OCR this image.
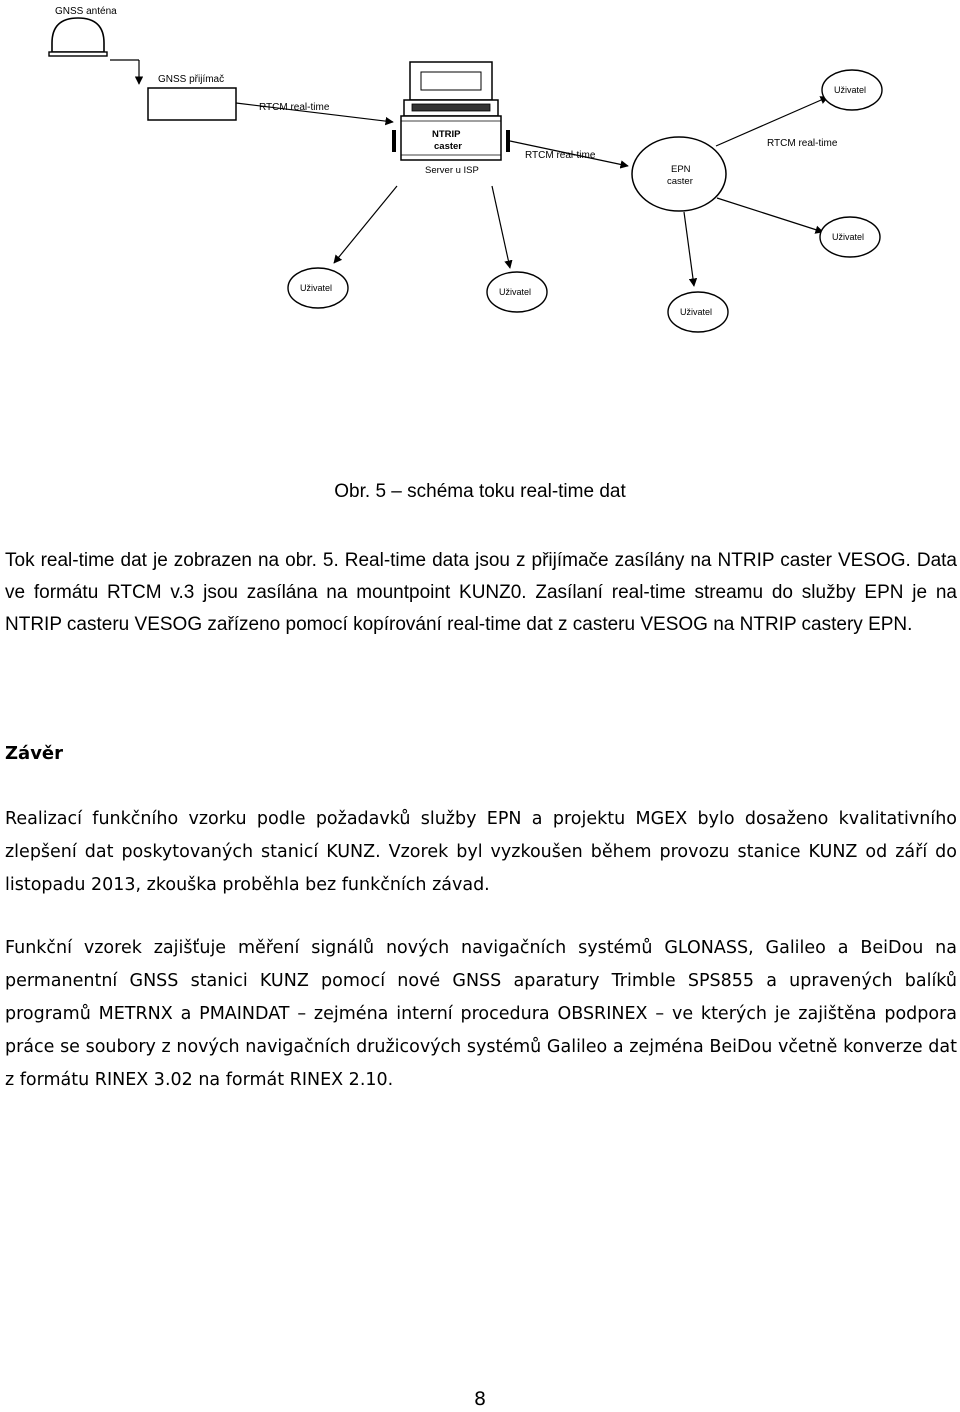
GNSS anténa
GNSS přijímač
RTCM real-time
NTRIP
caster
Server u ISP
RTCM real-time
EPN
caster
RTCM real-time
Uživatel
Uživatel
Uživatel	Uživatel
Uživatel
Obr. 5 – schéma toku real-time dat

Tok real-time dat je zobrazen na obr. 5. Real-time data jsou z přijímače zasílány na NTRIP caster VESOG. Data ve formátu RTCM v.3 jsou zasílána na mountpoint KUNZ0. Zasílaní real-time streamu do služby EPN je na NTRIP casteru VESOG zařízeno pomocí kopírování real-time dat z casteru VESOG na NTRIP castery EPN.

Závěr

Realizací funkčního vzorku podle požadavků služby EPN a projektu MGEX bylo dosaženo kvalitativního zlepšení dat poskytovaných stanicí KUNZ. Vzorek byl vyzkoušen během provozu stanice KUNZ od září do listopadu 2013, zkouška proběhla bez funkčních závad.

Funkční vzorek zajišťuje měření signálů nových navigačních systémů GLONASS, Galileo a BeiDou na permanentní GNSS stanici KUNZ pomocí nové GNSS aparatury Trimble SPS855 a upravených balíků programů METRNX a PMAINDAT – zejména interní procedura OBSRINEX – ve kterých je zajištěna podpora práce se soubory z nových navigačních družicových systémů Galileo a zejména BeiDou včetně konverze dat z formátu RINEX 3.02 na formát RINEX 2.10.

8
